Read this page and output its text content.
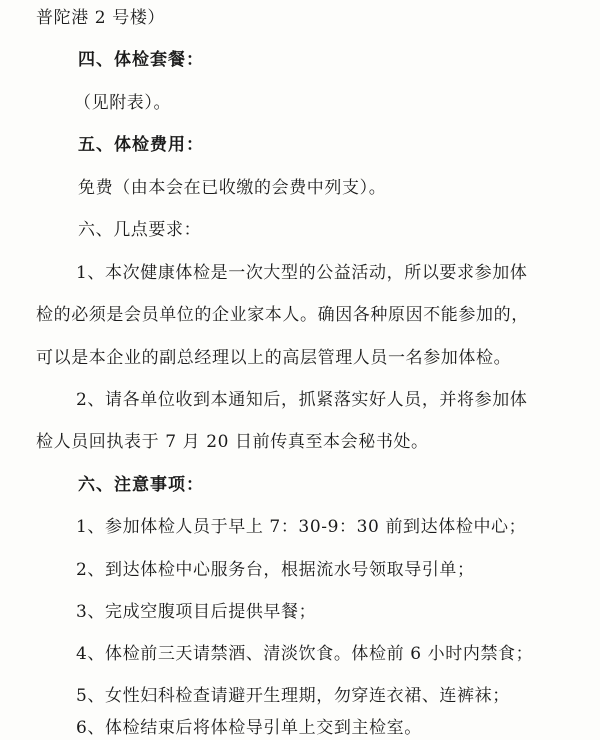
普陀港 2 号楼）
四、体检套餐：
（见附表）。
五、体检费用：
免费（由本会在已收缴的会费中列支）。
六、几点要求：
1、本次健康体检是一次大型的公益活动，所以要求参加体
检的必须是会员单位的企业家本人。确因各种原因不能参加的，
可以是本企业的副总经理以上的高层管理人员一名参加体检。
2、请各单位收到本通知后，抓紧落实好人员，并将参加体
检人员回执表于 7 月 20 日前传真至本会秘书处。
六、注意事项：
1、参加体检人员于早上 7：30-9：30 前到达体检中心；
2、到达体检中心服务台，根据流水号领取导引单；
3、完成空腹项目后提供早餐；
4、体检前三天请禁酒、清淡饮食。体检前 6 小时内禁食；
5、女性妇科检查请避开生理期，勿穿连衣裙、连裤袜；
6、体检结束后将体检导引单上交到主检室。
